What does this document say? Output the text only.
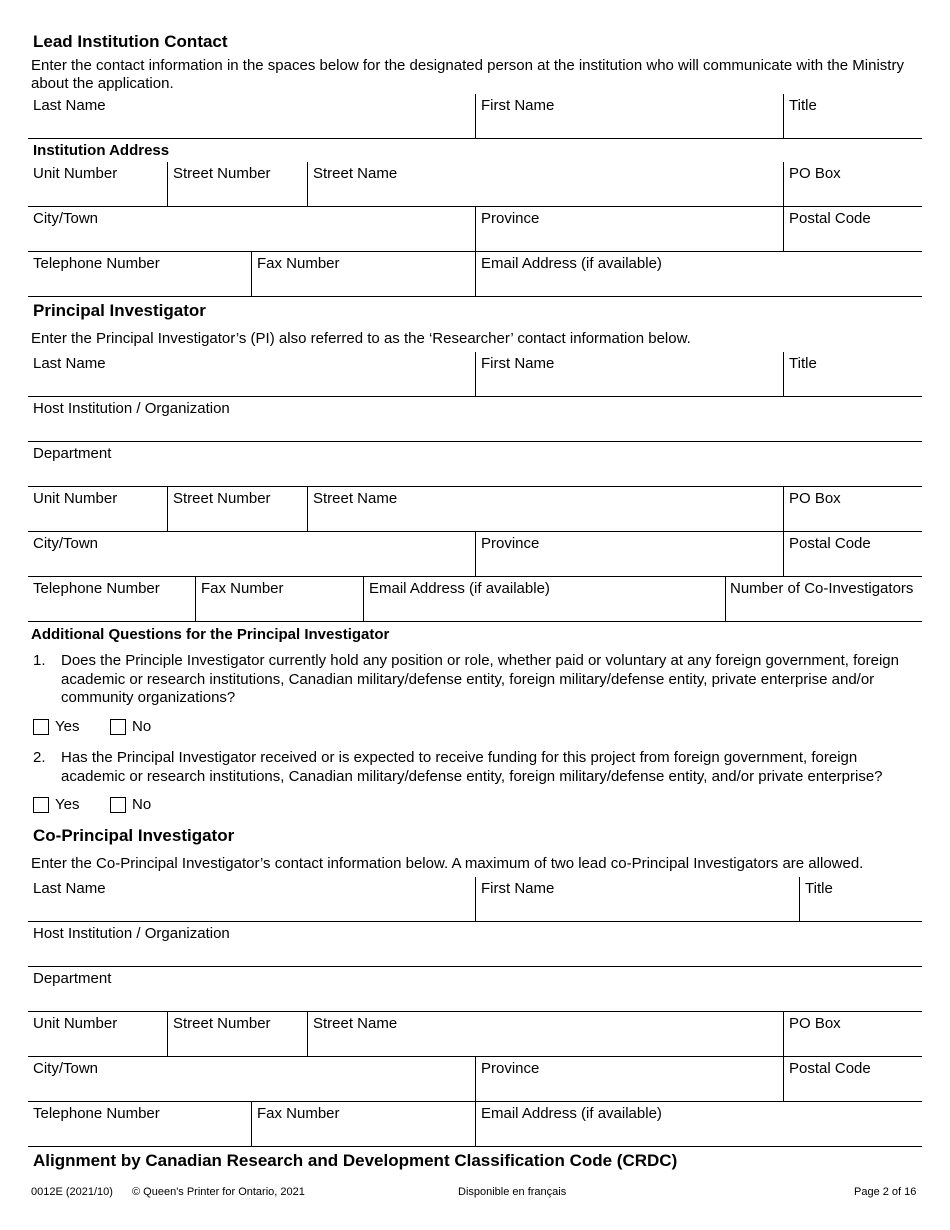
Lead Institution Contact
Enter the contact information in the spaces below for the designated person at the institution who will communicate with the Ministry about the application.
Last Name	First Name	Title
Institution Address
Unit Number	Street Number	Street Name	PO Box
City/Town	Province	Postal Code
Telephone Number	Fax Number	Email Address (if available)
Principal Investigator
Enter the Principal Investigator’s (PI) also referred to as the ‘Researcher’ contact information below.
Last Name	First Name	Title
Host Institution / Organization
Department
Unit Number	Street Number	Street Name	PO Box
City/Town	Province	Postal Code
Telephone Number	Fax Number	Email Address (if available)	Number of Co-Investigators
Additional Questions for the Principal Investigator
1. Does the Principle Investigator currently hold any position or role, whether paid or voluntary at any foreign government, foreign academic or research institutions, Canadian military/defense entity, foreign military/defense entity, private enterprise and/or community organizations?
Yes	No
2. Has the Principal Investigator received or is expected to receive funding for this project from foreign government, foreign academic or research institutions, Canadian military/defense entity, foreign military/defense entity, and/or private enterprise?
Yes	No
Co-Principal Investigator
Enter the Co-Principal Investigator’s contact information below. A maximum of two lead co-Principal Investigators are allowed.
Last Name	First Name	Title
Host Institution / Organization
Department
Unit Number	Street Number	Street Name	PO Box
City/Town	Province	Postal Code
Telephone Number	Fax Number	Email Address (if available)
Alignment by Canadian Research and Development Classification Code (CRDC)
0012E (2021/10) © Queen's Printer for Ontario, 2021	Disponible en français	Page 2 of 16
